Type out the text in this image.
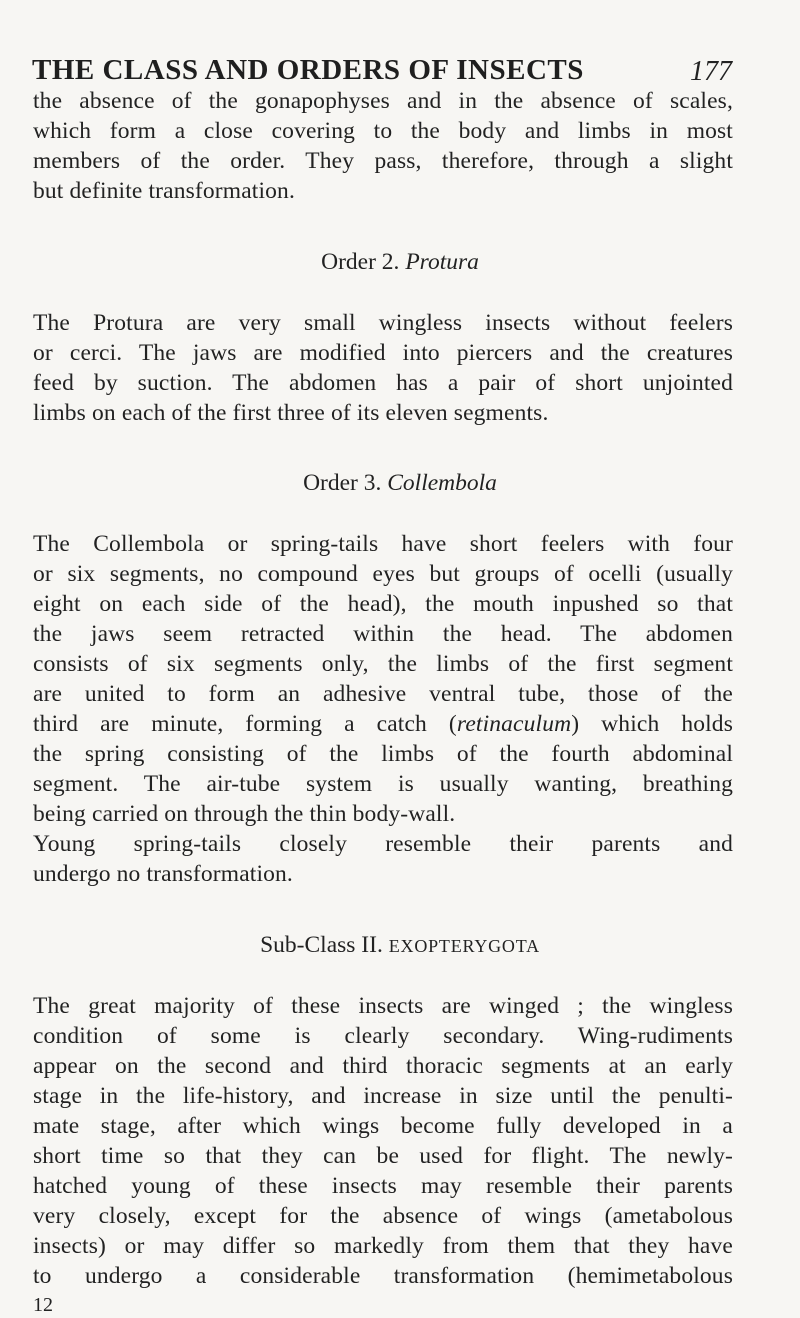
THE CLASS AND ORDERS OF INSECTS	177
the absence of the gonapophyses and in the absence of scales,
which form a close covering to the body and limbs in most
members of the order. They pass, therefore, through a slight
but definite transformation.
Order 2. Protura
The Protura are very small wingless insects without feelers
or cerci. The jaws are modified into piercers and the creatures
feed by suction. The abdomen has a pair of short unjointed
limbs on each of the first three of its eleven segments.
Order 3. Collembola
The Collembola or spring-tails have short feelers with four
or six segments, no compound eyes but groups of ocelli (usually
eight on each side of the head), the mouth inpushed so that
the jaws seem retracted within the head. The abdomen
consists of six segments only, the limbs of the first segment
are united to form an adhesive ventral tube, those of the
third are minute, forming a catch (retinaculum) which holds
the spring consisting of the limbs of the fourth abdominal
segment. The air-tube system is usually wanting, breathing
being carried on through the thin body-wall.
Young spring-tails closely resemble their parents and
undergo no transformation.
Sub-Class II. EXOPTERYGOTA
The great majority of these insects are winged ; the wingless
condition of some is clearly secondary. Wing-rudiments
appear on the second and third thoracic segments at an early
stage in the life-history, and increase in size until the penulti-
mate stage, after which wings become fully developed in a
short time so that they can be used for flight. The newly-
hatched young of these insects may resemble their parents
very closely, except for the absence of wings (ametabolous
insects) or may differ so markedly from them that they have
to undergo a considerable transformation (hemimetabolous
12
